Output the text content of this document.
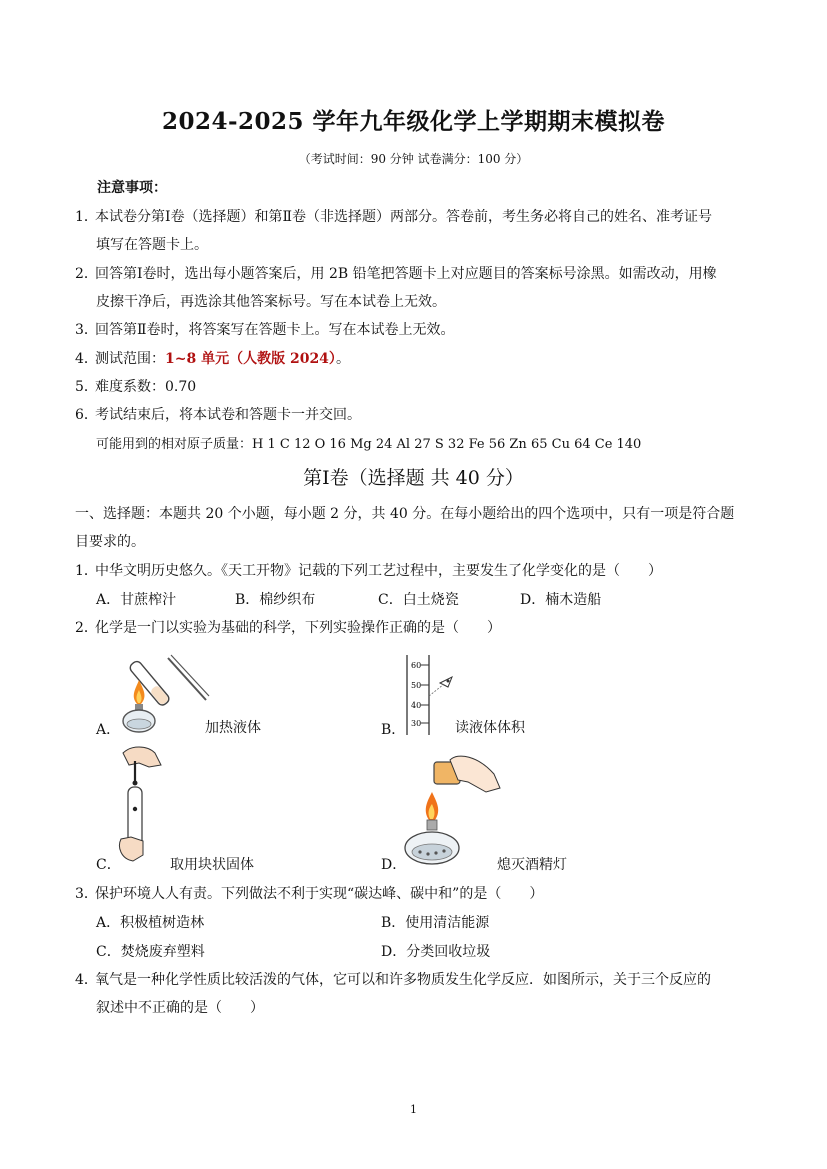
2024-2025 学年九年级化学上学期期末模拟卷
（考试时间：90 分钟 试卷满分：100 分）
注意事项：
1．本试卷分第Ⅰ卷（选择题）和第Ⅱ卷（非选择题）两部分。答卷前，考生务必将自己的姓名、准考证号
填写在答题卡上。
2．回答第Ⅰ卷时，选出每小题答案后，用 2B 铅笔把答题卡上对应题目的答案标号涂黑。如需改动，用橡
皮擦干净后，再选涂其他答案标号。写在本试卷上无效。
3．回答第Ⅱ卷时，将答案写在答题卡上。写在本试卷上无效。
4．测试范围：1~8 单元（人教版 2024）。
5．难度系数：0.70
6．考试结束后，将本试卷和答题卡一并交回。
可能用到的相对原子质量：H 1 C 12 O 16 Mg 24 Al 27 S 32 Fe 56 Zn 65 Cu 64 Ce 140
第Ⅰ卷（选择题 共 40 分）
一、选择题：本题共 20 个小题，每小题 2 分，共 40 分。在每小题给出的四个选项中，只有一项是符合题
目要求的。
1．中华文明历史悠久。《天工开物》记载的下列工艺过程中，主要发生了化学变化的是（　　）
A．甘蔗榨汁	B．棉纱织布	C．白土烧瓷	D．楠木造船
2．化学是一门以实验为基础的科学，下列实验操作正确的是（　　）
A．	加热液体
60
50
40
30
B．	读液体体积
C．	取用块状固体	D．	熄灭酒精灯
3．保护环境人人有责。下列做法不利于实现“碳达峰、碳中和”的是（　　）
A．积极植树造林	B．使用清洁能源
C．焚烧废弃塑料	D．分类回收垃圾
4．氧气是一种化学性质比较活泼的气体，它可以和许多物质发生化学反应．如图所示，关于三个反应的
叙述中不正确的是（　　）
1
